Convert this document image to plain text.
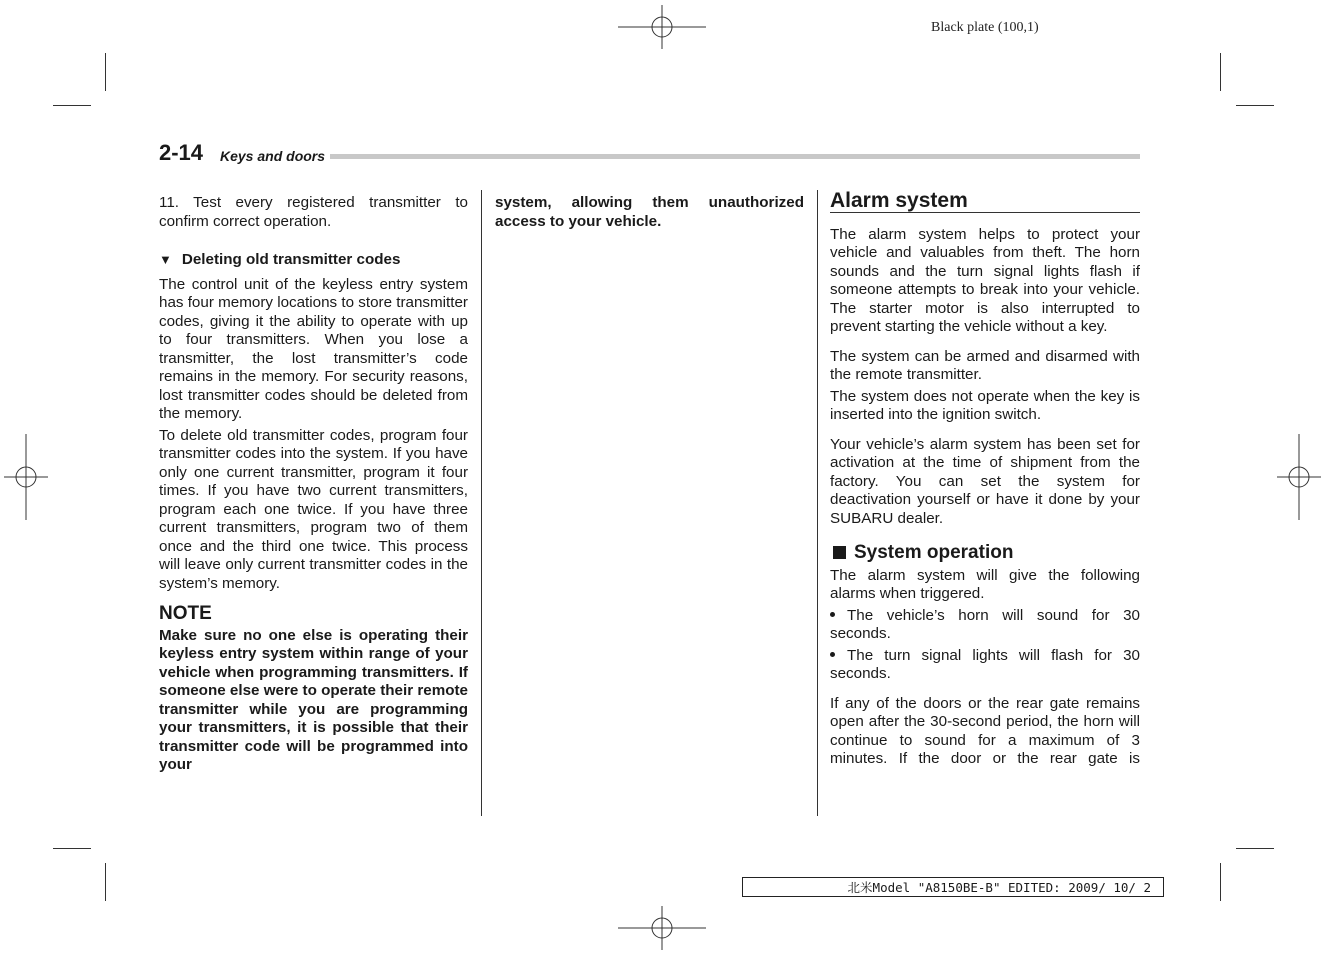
Black plate (100,1)
2-14 Keys and doors

11. Test every registered transmitter to confirm correct operation.

▼ Deleting old transmitter codes

The control unit of the keyless entry system has four memory locations to store transmitter codes, giving it the ability to operate with up to four transmitters. When you lose a transmitter, the lost transmitter’s code remains in the memory. For security reasons, lost transmitter codes should be deleted from the memory.

To delete old transmitter codes, program four transmitter codes into the system. If you have only one current transmitter, program it four times. If you have two current transmitters, program each one twice. If you have three current transmitters, program two of them once and the third one twice. This process will leave only current transmitter codes in the system’s memory.

NOTE

Make sure no one else is operating their keyless entry system within range of your vehicle when programming transmitters. If someone else were to operate their remote transmitter while you are programming your transmitters, it is possible that their transmitter code will be programmed into your

system, allowing them unauthorized access to your vehicle.

Alarm system

The alarm system helps to protect your vehicle and valuables from theft. The horn sounds and the turn signal lights flash if someone attempts to break into your vehicle. The starter motor is also interrupted to prevent starting the vehicle without a key.

The system can be armed and disarmed with the remote transmitter.

The system does not operate when the key is inserted into the ignition switch.

Your vehicle’s alarm system has been set for activation at the time of shipment from the factory. You can set the system for deactivation yourself or have it done by your SUBARU dealer.

System operation

The alarm system will give the following alarms when triggered.

The vehicle’s horn will sound for 30 seconds.

The turn signal lights will flash for 30 seconds.

If any of the doors or the rear gate remains open after the 30-second period, the horn will continue to sound for a maximum of 3 minutes. If the door or the rear gate is

北米Model "A8150BE-B" EDITED: 2009/ 10/ 2
